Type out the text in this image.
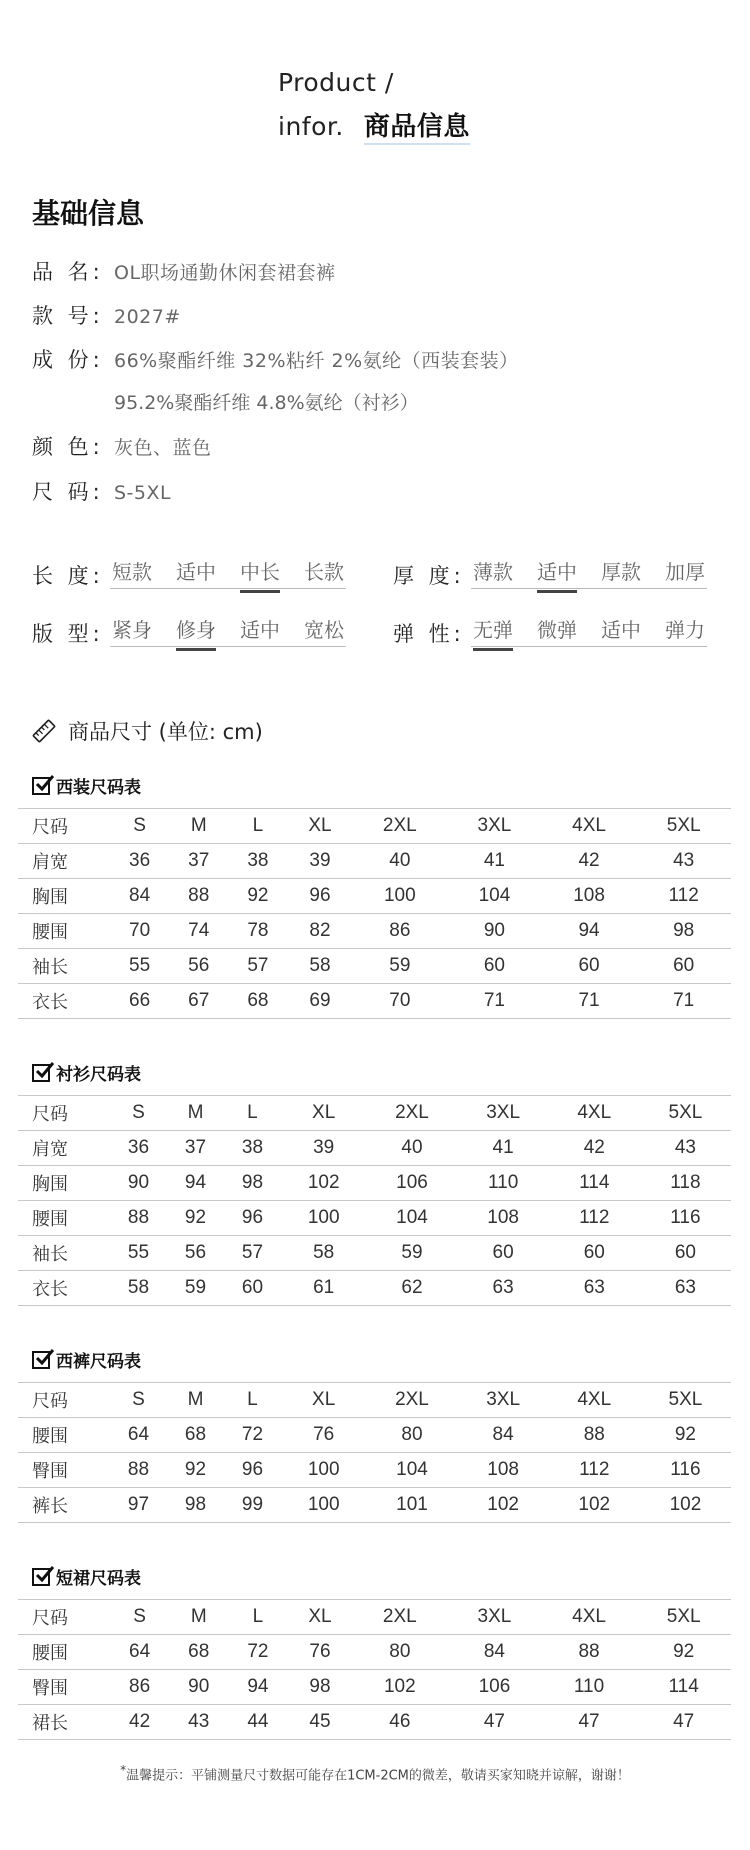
Product /
infor. 商品信息
基础信息
品 名: OL职场通勤休闲套裙套裤
款 号: 2027#
成 份: 66%聚酯纤维 32%粘纤 2%氨纶（西装套装）
95.2%聚酯纤维 4.8%氨纶（衬衫）
颜 色: 灰色、蓝色
尺 码: S-5XL
长 度: 短款 适中 中长 长款 厚 度: 薄款 适中 厚款 加厚
版 型: 紧身 修身 适中 宽松 弹 性: 无弹 微弹 适中 弹力
商品尺寸 (单位: cm)
西装尺码表
尺码	S	M	L	XL	2XL	3XL	4XL	5XL
肩宽	36	37	38	39	40	41	42	43
胸围	84	88	92	96	100	104	108	112
腰围	70	74	78	82	86	90	94	98
袖长	55	56	57	58	59	60	60	60
衣长	66	67	68	69	70	71	71	71
衬衫尺码表
尺码	S	M	L	XL	2XL	3XL	4XL	5XL
肩宽	36	37	38	39	40	41	42	43
胸围	90	94	98	102	106	110	114	118
腰围	88	92	96	100	104	108	112	116
袖长	55	56	57	58	59	60	60	60
衣长	58	59	60	61	62	63	63	63
西裤尺码表
尺码	S	M	L	XL	2XL	3XL	4XL	5XL
腰围	64	68	72	76	80	84	88	92
臀围	88	92	96	100	104	108	112	116
裤长	97	98	99	100	101	102	102	102
短裙尺码表
尺码	S	M	L	XL	2XL	3XL	4XL	5XL
腰围	64	68	72	76	80	84	88	92
臀围	86	90	94	98	102	106	110	114
裙长	42	43	44	45	46	47	47	47
*温馨提示：平铺测量尺寸数据可能存在1CM-2CM的微差，敬请买家知晓并谅解，谢谢！
